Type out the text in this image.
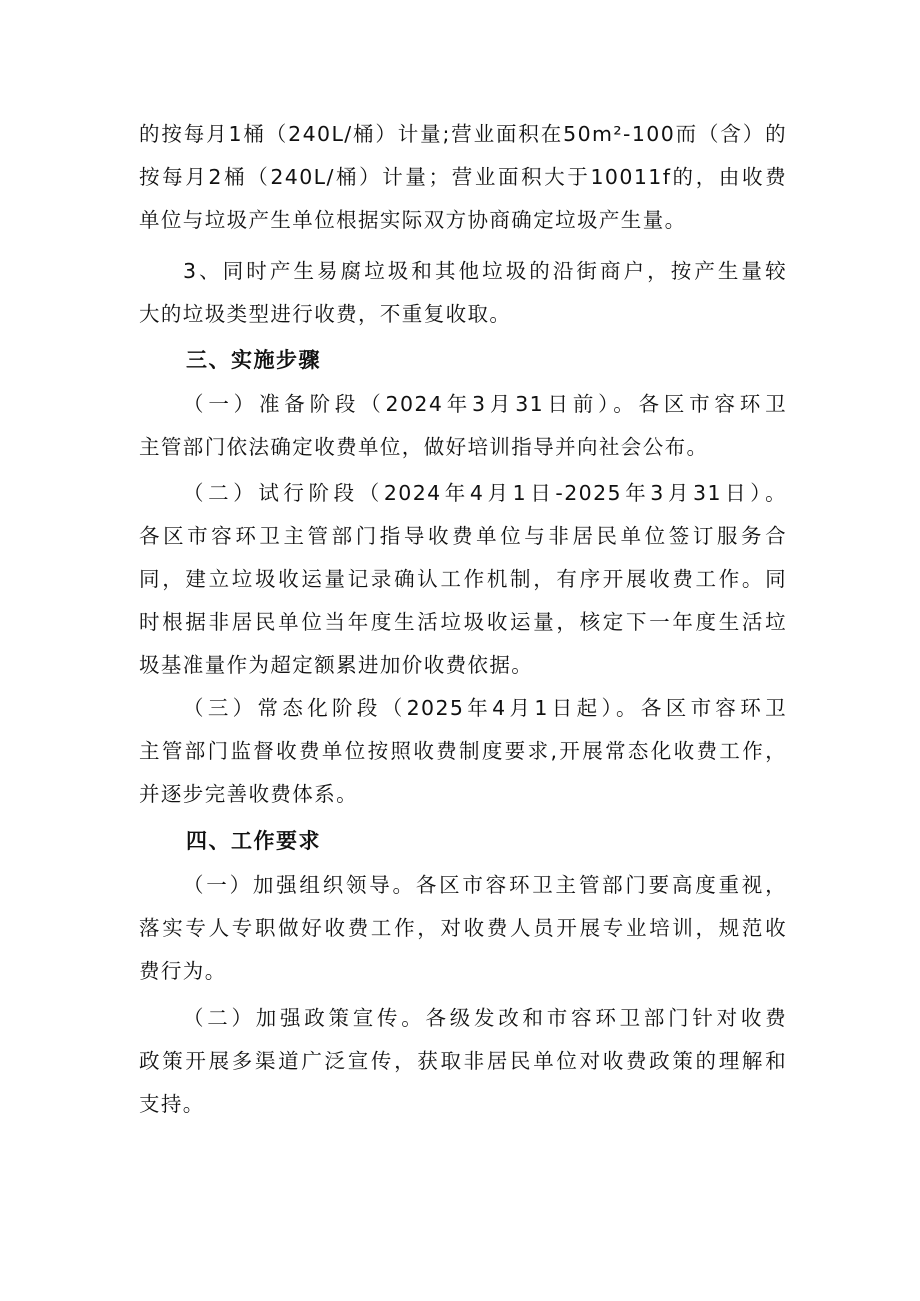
的按每月1桶（240L/桶）计量;营业面积在50m²-100而（含）的
按每月2桶（240L/桶）计量；营业面积大于10011f的，由收费
单位与垃圾产生单位根据实际双方协商确定垃圾产生量。
3、同时产生易腐垃圾和其他垃圾的沿街商户，按产生量较
大的垃圾类型进行收费，不重复收取。
三、实施步骤
（一）准备阶段（2024年3月31日前）。各区市容环卫
主管部门依法确定收费单位，做好培训指导并向社会公布。
（二）试行阶段（2024年4月1日-2025年3月31日）。
各区市容环卫主管部门指导收费单位与非居民单位签订服务合
同，建立垃圾收运量记录确认工作机制，有序开展收费工作。同
时根据非居民单位当年度生活垃圾收运量，核定下一年度生活垃
圾基准量作为超定额累进加价收费依据。
（三）常态化阶段（2025年4月1日起）。各区市容环卫
主管部门监督收费单位按照收费制度要求,开展常态化收费工作，
并逐步完善收费体系。
四、工作要求
（一）加强组织领导。各区市容环卫主管部门要高度重视，
落实专人专职做好收费工作，对收费人员开展专业培训，规范收
费行为。
（二）加强政策宣传。各级发改和市容环卫部门针对收费
政策开展多渠道广泛宣传，获取非居民单位对收费政策的理解和
支持。
